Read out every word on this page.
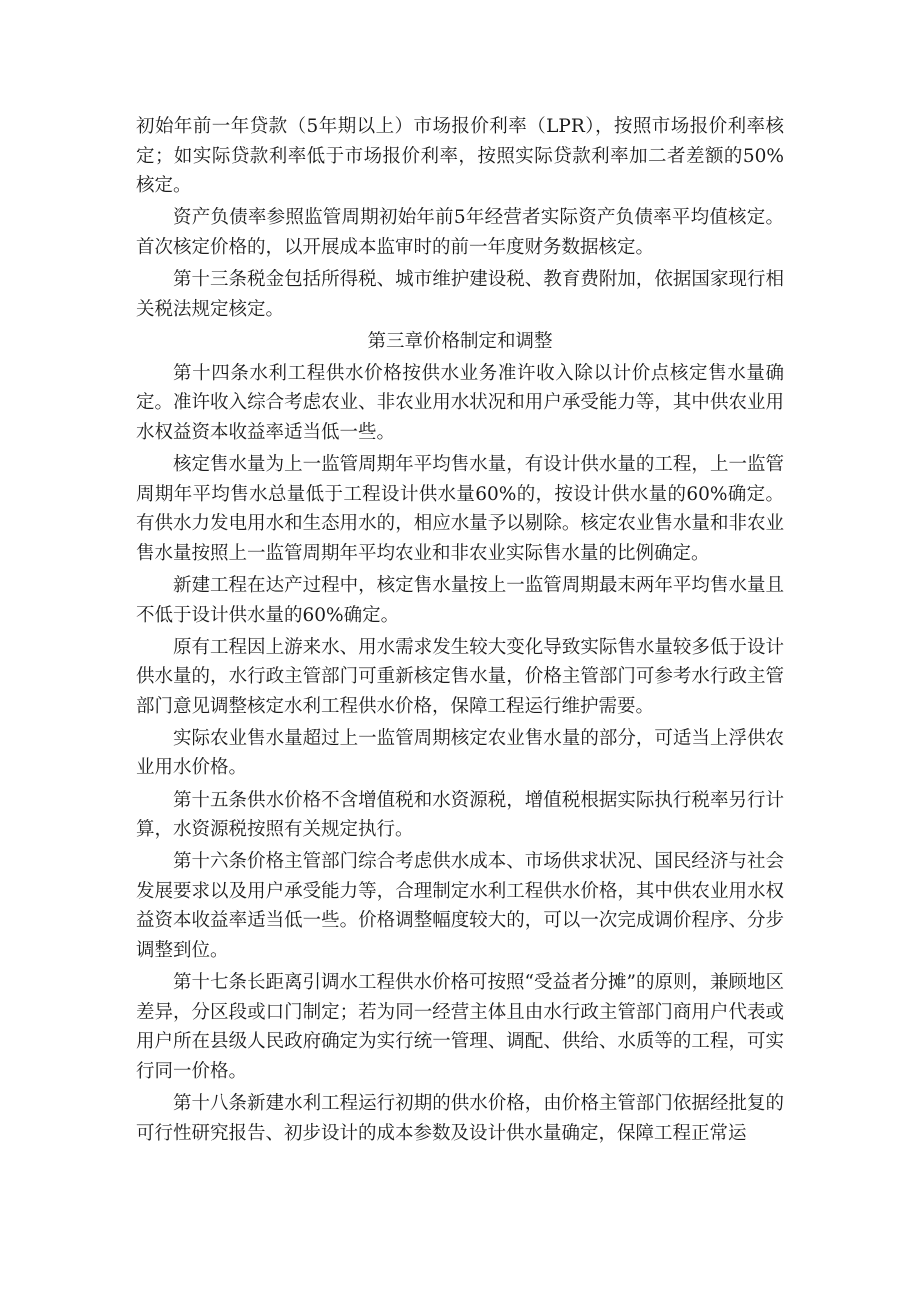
初始年前一年贷款（5年期以上）市场报价利率（LPR），按照市场报价利率核定；如实际贷款利率低于市场报价利率，按照实际贷款利率加二者差额的50%核定。

资产负债率参照监管周期初始年前5年经营者实际资产负债率平均值核定。首次核定价格的，以开展成本监审时的前一年度财务数据核定。

第十三条税金包括所得税、城市维护建设税、教育费附加，依据国家现行相关税法规定核定。

第三章价格制定和调整

第十四条水利工程供水价格按供水业务准许收入除以计价点核定售水量确定。准许收入综合考虑农业、非农业用水状况和用户承受能力等，其中供农业用水权益资本收益率适当低一些。

核定售水量为上一监管周期年平均售水量，有设计供水量的工程，上一监管周期年平均售水总量低于工程设计供水量60%的，按设计供水量的60%确定。有供水力发电用水和生态用水的，相应水量予以剔除。核定农业售水量和非农业售水量按照上一监管周期年平均农业和非农业实际售水量的比例确定。

新建工程在达产过程中，核定售水量按上一监管周期最末两年平均售水量且不低于设计供水量的60%确定。

原有工程因上游来水、用水需求发生较大变化导致实际售水量较多低于设计供水量的，水行政主管部门可重新核定售水量，价格主管部门可参考水行政主管部门意见调整核定水利工程供水价格，保障工程运行维护需要。

实际农业售水量超过上一监管周期核定农业售水量的部分，可适当上浮供农业用水价格。

第十五条供水价格不含增值税和水资源税，增值税根据实际执行税率另行计算，水资源税按照有关规定执行。

第十六条价格主管部门综合考虑供水成本、市场供求状况、国民经济与社会发展要求以及用户承受能力等，合理制定水利工程供水价格，其中供农业用水权益资本收益率适当低一些。价格调整幅度较大的，可以一次完成调价程序、分步调整到位。

第十七条长距离引调水工程供水价格可按照“受益者分摊”的原则，兼顾地区差异，分区段或口门制定；若为同一经营主体且由水行政主管部门商用户代表或用户所在县级人民政府确定为实行统一管理、调配、供给、水质等的工程，可实行同一价格。

第十八条新建水利工程运行初期的供水价格，由价格主管部门依据经批复的可行性研究报告、初步设计的成本参数及设计供水量确定，保障工程正常运
